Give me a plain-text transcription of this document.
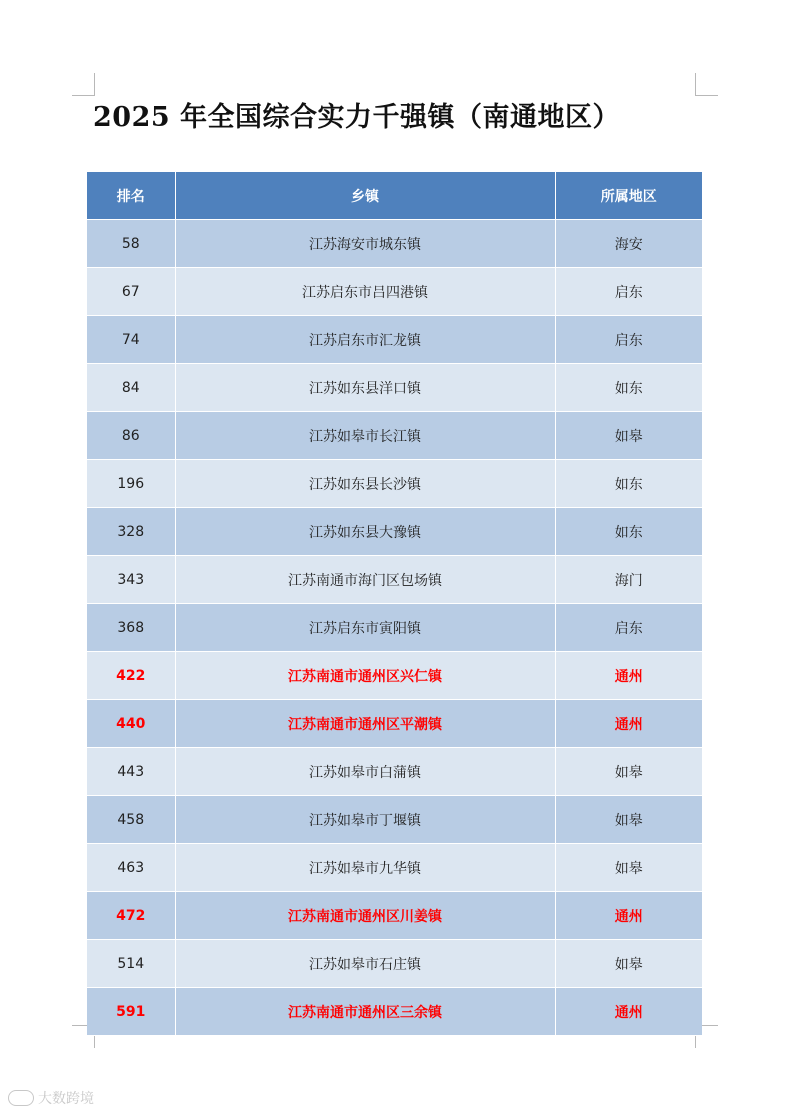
2025 年全国综合实力千强镇（南通地区）
排名	乡镇	所属地区
58	江苏海安市城东镇	海安
67	江苏启东市吕四港镇	启东
74	江苏启东市汇龙镇	启东
84	江苏如东县洋口镇	如东
86	江苏如皋市长江镇	如皋
196	江苏如东县长沙镇	如东
328	江苏如东县大豫镇	如东
343	江苏南通市海门区包场镇	海门
368	江苏启东市寅阳镇	启东
422	江苏南通市通州区兴仁镇	通州
440	江苏南通市通州区平潮镇	通州
443	江苏如皋市白蒲镇	如皋
458	江苏如皋市丁堰镇	如皋
463	江苏如皋市九华镇	如皋
472	江苏南通市通州区川姜镇	通州
514	江苏如皋市石庄镇	如皋
591	江苏南通市通州区三余镇	通州
大数跨境
